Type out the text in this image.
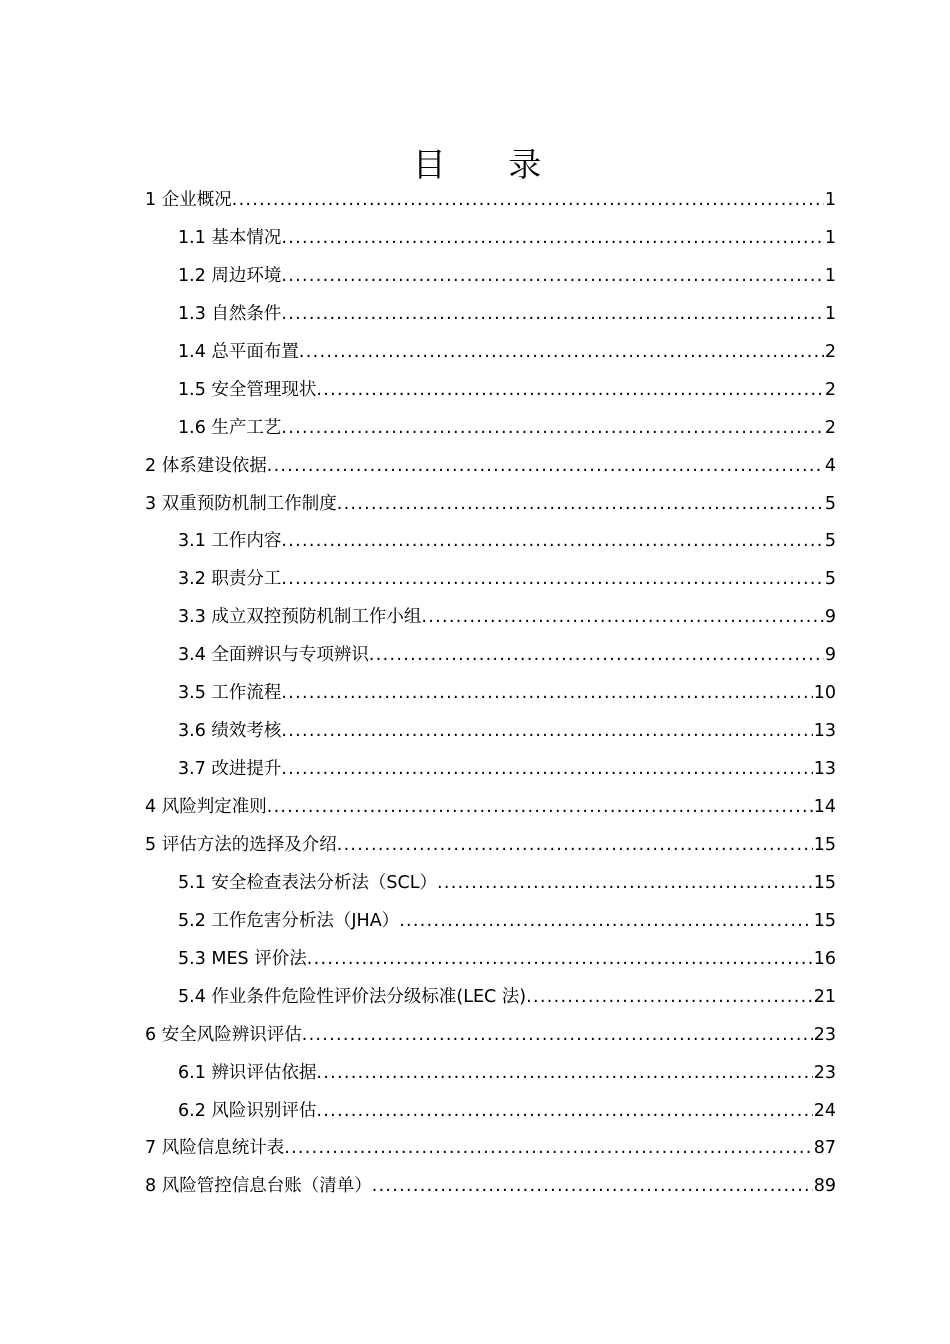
目 录
1 企业概况 .....	1
1.1 基本情况 .....	1
1.2 周边环境 .....	1
1.3 自然条件 .....	1
1.4 总平面布置 .....	2
1.5 安全管理现状 .....	2
1.6 生产工艺 .....	2
2 体系建设依据 .....	4
3 双重预防机制工作制度 .....	5
3.1 工作内容 .....	5
3.2 职责分工 .....	5
3.3 成立双控预防机制工作小组 .....	9
3.4 全面辨识与专项辨识 .....	9
3.5 工作流程 .....	10
3.6 绩效考核 .....	13
3.7 改进提升 .....	13
4 风险判定准则 .....	14
5 评估方法的选择及介绍 .....	15
5.1 安全检查表法分析法（SCL） .....	15
5.2 工作危害分析法（JHA） .....	15
5.3 MES 评价法 .....	16
5.4 作业条件危险性评价法分级标准(LEC 法) .....	21
6 安全风险辨识评估 .....	23
6.1 辨识评估依据 .....	23
6.2 风险识别评估 .....	24
7 风险信息统计表 .....	87
8 风险管控信息台账（清单） .....	89
